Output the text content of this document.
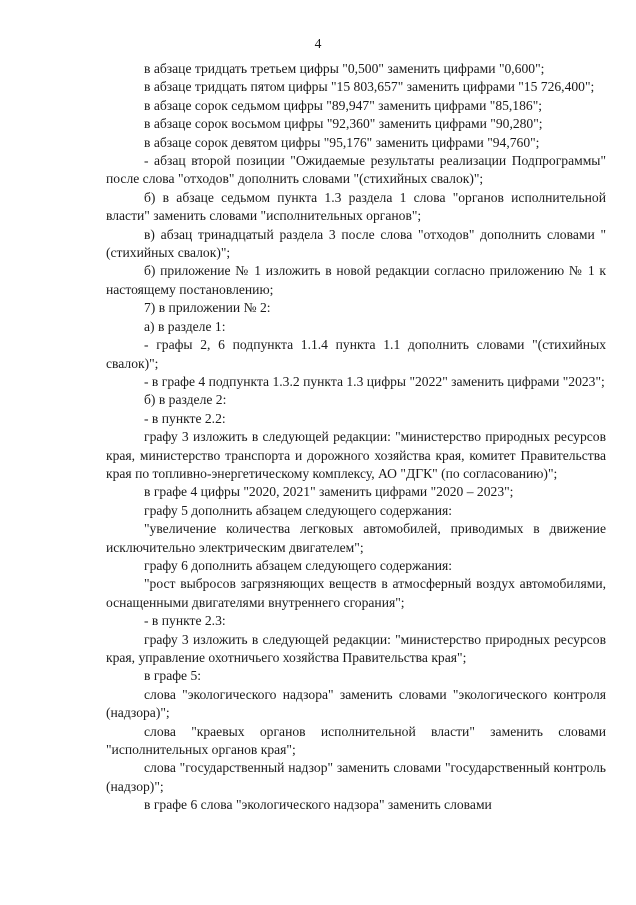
4

в абзаце тридцать третьем цифры "0,500" заменить цифрами "0,600";

в абзаце тридцать пятом цифры "15 803,657" заменить цифрами "15 726,400";

в абзаце сорок седьмом цифры "89,947" заменить цифрами "85,186";

в абзаце сорок восьмом цифры "92,360" заменить цифрами "90,280";

в абзаце сорок девятом цифры "95,176" заменить цифрами "94,760";

- абзац второй позиции "Ожидаемые результаты реализации Подпрограммы" после слова "отходов" дополнить словами "(стихийных свалок)";

б) в абзаце седьмом пункта 1.3 раздела 1 слова "органов исполнительной власти" заменить словами "исполнительных органов";

в) абзац тринадцатый раздела 3 после слова "отходов" дополнить словами "(стихийных свалок)";

б) приложение № 1 изложить в новой редакции согласно приложению № 1 к настоящему постановлению;

7) в приложении № 2:

а) в разделе 1:

- графы 2, 6 подпункта 1.1.4 пункта 1.1 дополнить словами "(стихийных свалок)";

- в графе 4 подпункта 1.3.2 пункта 1.3 цифры "2022" заменить цифрами "2023";

б) в разделе 2:

- в пункте 2.2:

графу 3 изложить в следующей редакции: "министерство природных ресурсов края, министерство транспорта и дорожного хозяйства края, комитет Правительства края по топливно-энергетическому комплексу, АО "ДГК" (по согласованию)";

в графе 4 цифры "2020, 2021" заменить цифрами "2020 – 2023";

графу 5 дополнить абзацем следующего содержания:

"увеличение количества легковых автомобилей, приводимых в движение исключительно электрическим двигателем";

графу 6 дополнить абзацем следующего содержания:

"рост выбросов загрязняющих веществ в атмосферный воздух автомобилями, оснащенными двигателями внутреннего сгорания";

- в пункте 2.3:

графу 3 изложить в следующей редакции: "министерство природных ресурсов края, управление охотничьего хозяйства Правительства края";

в графе 5:

слова "экологического надзора" заменить словами "экологического контроля (надзора)";

слова "краевых органов исполнительной власти" заменить словами "исполнительных органов края";

слова "государственный надзор" заменить словами "государственный контроль (надзор)";

в графе 6 слова "экологического надзора" заменить словами
